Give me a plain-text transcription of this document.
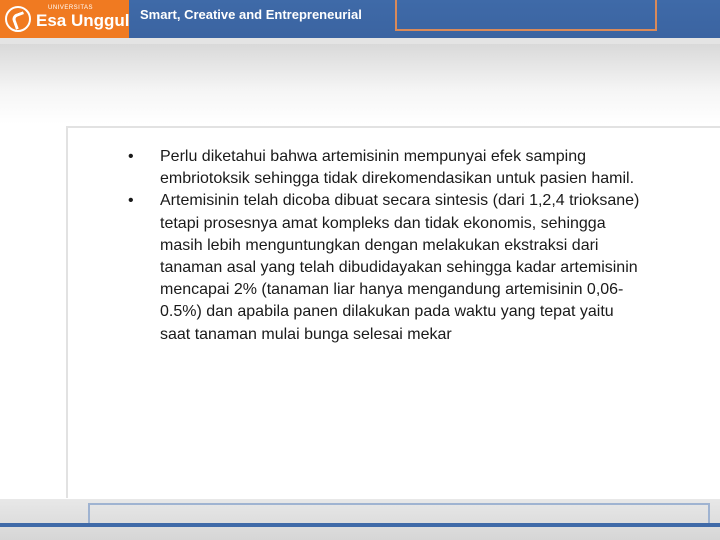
UNIVERSITAS
Esa Unggul Smart, Creative and Entrepreneurial
• Perlu diketahui bahwa artemisinin mempunyai efek samping embriotoksik sehingga tidak direkomendasikan untuk pasien hamil.
• Artemisinin telah dicoba dibuat secara sintesis (dari 1,2,4 trioksane) tetapi prosesnya amat kompleks dan tidak ekonomis, sehingga masih lebih menguntungkan dengan melakukan ekstraksi dari tanaman asal yang telah dibudidayakan sehingga kadar artemisinin mencapai 2% (tanaman liar hanya mengandung artemisinin 0,06-0.5%) dan apabila panen dilakukan pada waktu yang tepat yaitu saat tanaman mulai bunga selesai mekar
